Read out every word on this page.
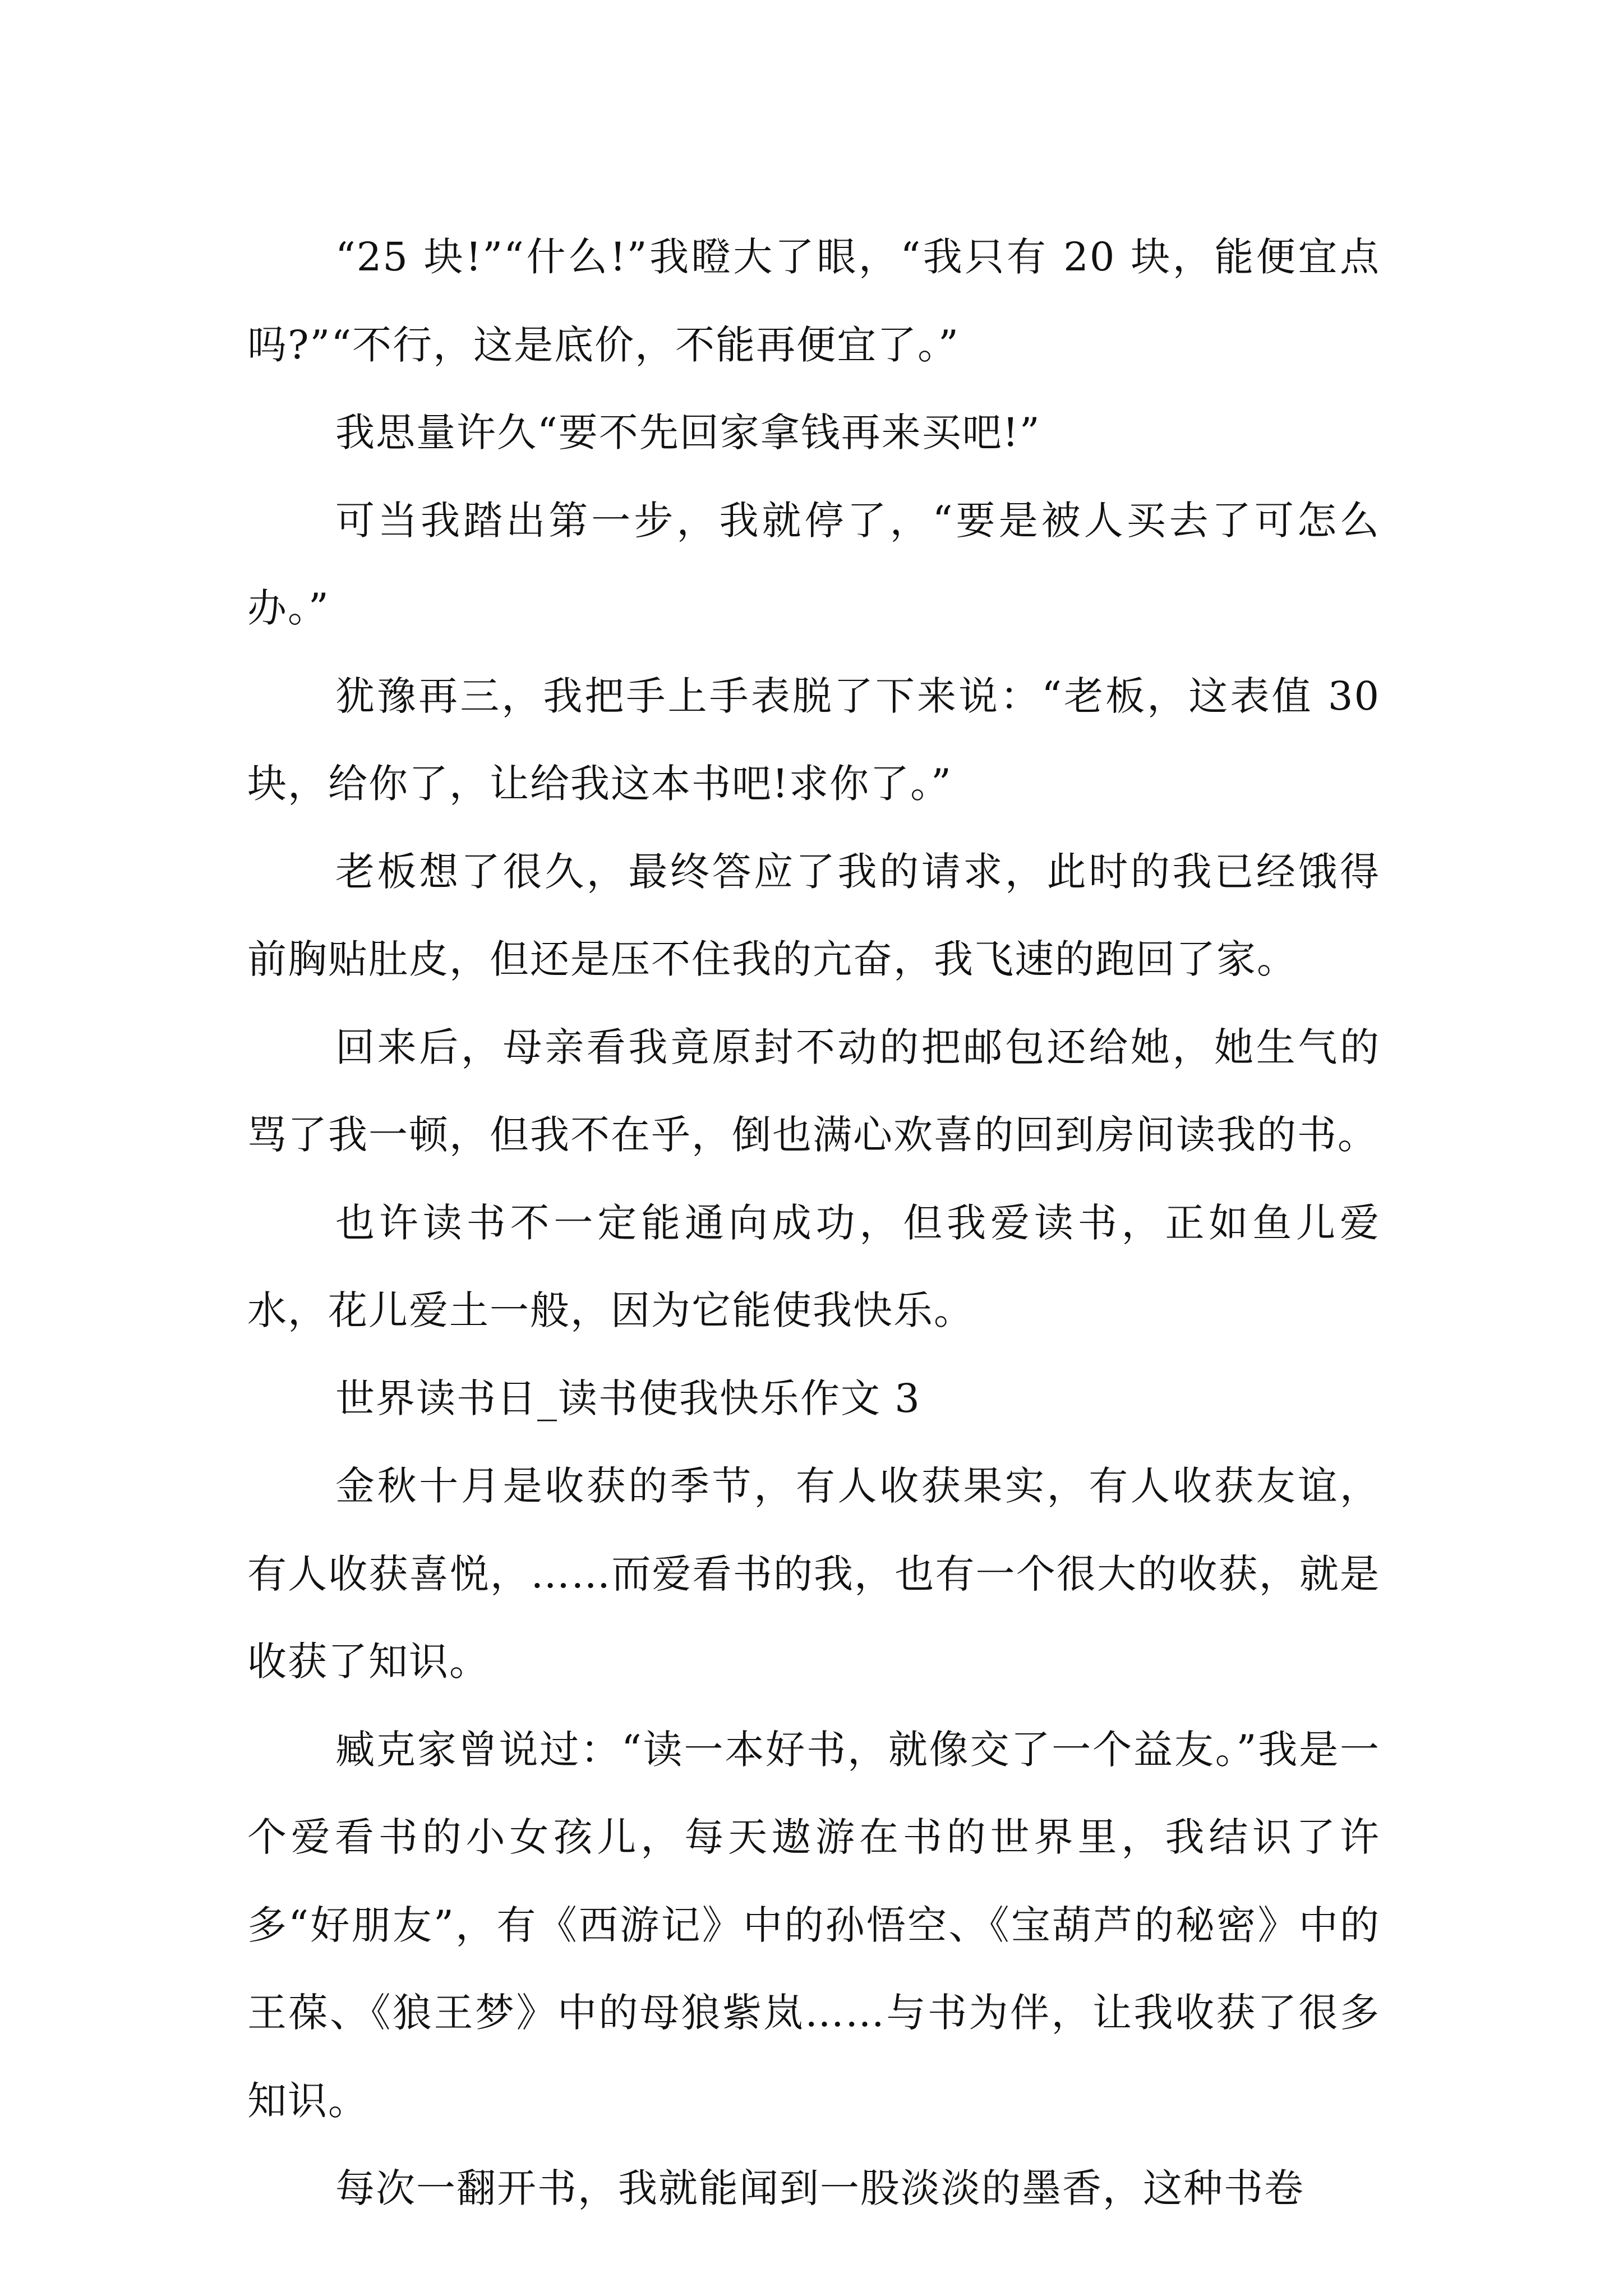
“25 块!”“什么!”我瞪大了眼，“我只有 20 块，能便宜点吗?”“不行，这是底价，不能再便宜了。”

我思量许久“要不先回家拿钱再来买吧!”

可当我踏出第一步，我就停了，“要是被人买去了可怎么办。”

犹豫再三，我把手上手表脱了下来说：“老板，这表值 30 块，给你了，让给我这本书吧!求你了。”

老板想了很久，最终答应了我的请求，此时的我已经饿得前胸贴肚皮，但还是压不住我的亢奋，我飞速的跑回了家。

回来后，母亲看我竟原封不动的把邮包还给她，她生气的骂了我一顿，但我不在乎，倒也满心欢喜的回到房间读我的书。

也许读书不一定能通向成功，但我爱读书，正如鱼儿爱水，花儿爱土一般，因为它能使我快乐。

世界读书日_读书使我快乐作文 3

金秋十月是收获的季节，有人收获果实，有人收获友谊，有人收获喜悦，……而爱看书的我，也有一个很大的收获，就是收获了知识。

臧克家曾说过：“读一本好书，就像交了一个益友。”我是一个爱看书的小女孩儿，每天遨游在书的世界里，我结识了许多“好朋友”，有《西游记》中的孙悟空、《宝葫芦的秘密》中的王葆、《狼王梦》中的母狼紫岚……与书为伴，让我收获了很多知识。

每次一翻开书，我就能闻到一股淡淡的墨香，这种书卷
